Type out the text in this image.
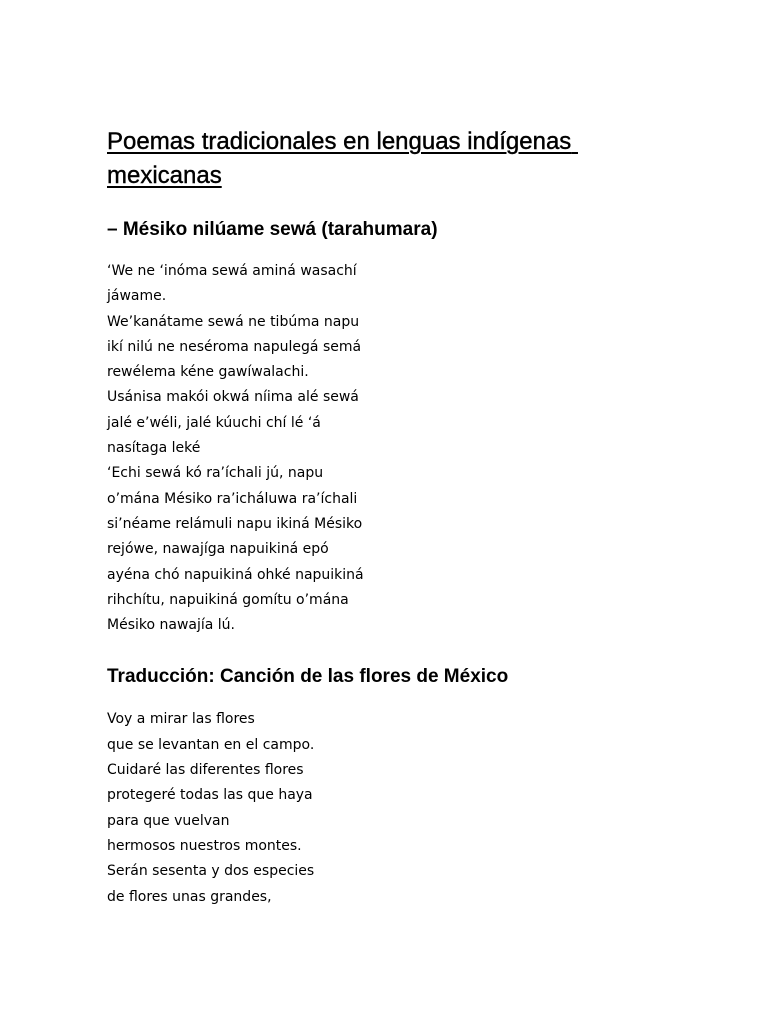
Poemas tradicionales en lenguas indígenas
mexicanas
– Mésiko nilúame sewá (tarahumara)
‘We ne ‘inóma sewá aminá wasachí
jáwame.
We’kanátame sewá ne tibúma napu
ikí nilú ne neséroma napulegá semá
rewélema kéne gawíwalachi.
Usánisa makói okwá níima alé sewá
jalé e’wéli, jalé kúuchi chí lé ‘á
nasítaga leké
‘Echi sewá kó ra’íchali jú, napu
o’mána Mésiko ra’icháluwa ra’íchali
si’néame relámuli napu ikiná Mésiko
rejówe, nawajíga napuikiná epó
ayéna chó napuikiná ohké napuikiná
rihchítu, napuikiná gomítu o’mána
Mésiko nawajía lú.
Traducción: Canción de las flores de México
Voy a mirar las flores
que se levantan en el campo.
Cuidaré las diferentes flores
protegeré todas las que haya
para que vuelvan
hermosos nuestros montes.
Serán sesenta y dos especies
de flores unas grandes,
